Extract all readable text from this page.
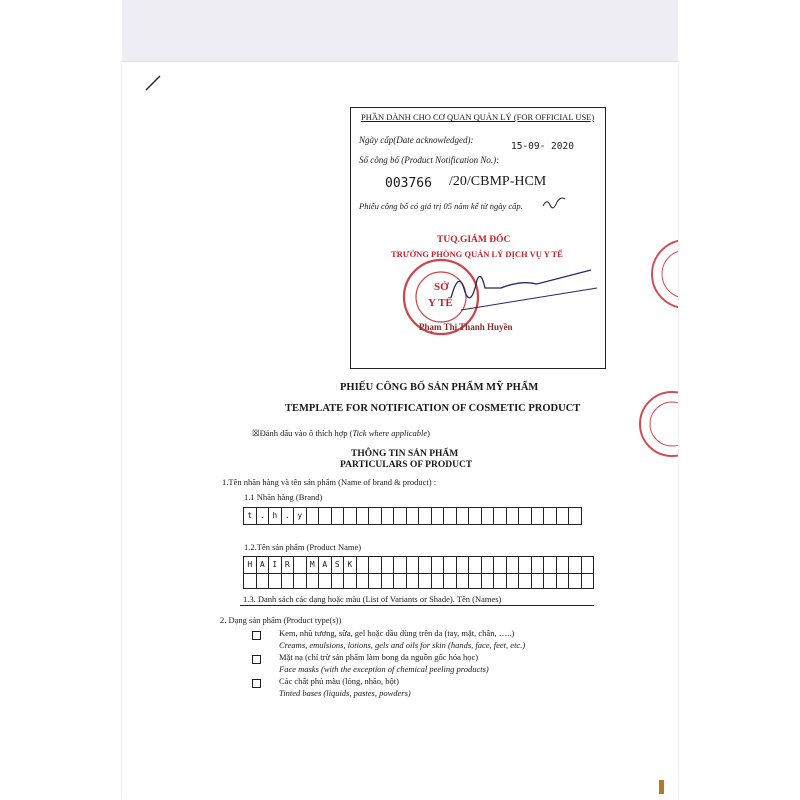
PHẦN DÀNH CHO CƠ QUAN QUẢN LÝ (FOR OFFICIAL USE)
Ngày cấp(Date acknowledged):
15-09- 2020
Số công bố (Product Notification No.):
003766 /20/CBMP-HCM
Phiếu công bố có giá trị 05 năm kể từ ngày cấp.
TUQ.GIÁM ĐỐC
TRƯỞNG PHÒNG QUẢN LÝ DỊCH VỤ Y TẾ
SỞ
Y TẾ
Phạm Thị Thanh Huyền
PHIẾU CÔNG BỐ SẢN PHẨM MỸ PHẨM
TEMPLATE FOR NOTIFICATION OF COSMETIC PRODUCT
☒Đánh dấu vào ô thích hợp (Tick where applicable)
THÔNG TIN SẢN PHẨM
PARTICULARS OF PRODUCT
1.Tên nhãn hàng và tên sản phẩm (Name of brand & product) :
1.1 Nhãn hàng (Brand)
t . h . y
1.2.Tên sản phẩm (Product Name)
H A I R	M A S K
1.3. Danh sách các dạng hoặc màu (List of Variants or Shade). Tên (Names)
2. Dạng sản phẩm (Product type(s))
Kem, nhũ tương, sữa, gel hoặc dầu dùng trên da (tay, mặt, chân, …..)
Creams, emulsions, lotions, gels and oils for skin (hands, face, feet, etc.)
Mặt nạ (chỉ trừ sản phẩm làm bong da nguồn gốc hóa học)
Face masks (with the exception of chemical peeling products)
Các chất phủ màu (lỏng, nhão, bột)
Tinted bases (liquids, pastes, powders)
